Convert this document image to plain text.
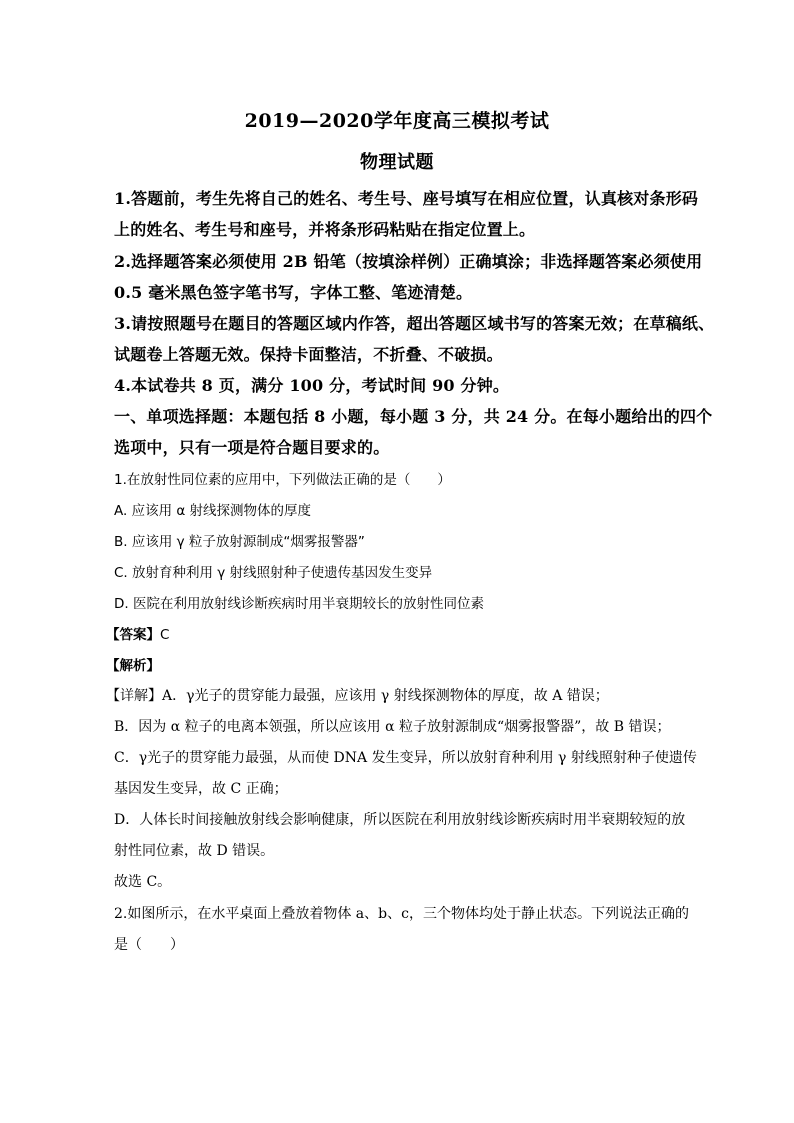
2019—2020学年度高三模拟考试
物理试题
1.答题前，考生先将自己的姓名、考生号、座号填写在相应位置，认真核对条形码
上的姓名、考生号和座号，并将条形码粘贴在指定位置上。
2.选择题答案必须使用 2B 铅笔（按填涂样例）正确填涂；非选择题答案必须使用
0.5 毫米黑色签字笔书写，字体工整、笔迹清楚。
3.请按照题号在题目的答题区域内作答，超出答题区域书写的答案无效；在草稿纸、
试题卷上答题无效。保持卡面整洁，不折叠、不破损。
4.本试卷共 8 页，满分 100 分，考试时间 90 分钟。
一、单项选择题：本题包括 8 小题，每小题 3 分，共 24 分。在每小题给出的四个
选项中，只有一项是符合题目要求的。
1.在放射性同位素的应用中，下列做法正确的是（　　）
A. 应该用 α 射线探测物体的厚度
B. 应该用 γ 粒子放射源制成“烟雾报警器”
C. 放射育种利用 γ 射线照射种子使遗传基因发生变异
D. 医院在利用放射线诊断疾病时用半衰期较长的放射性同位素
【答案】C
【解析】
【详解】A．γ光子的贯穿能力最强，应该用 γ 射线探测物体的厚度，故 A 错误；
B．因为 α 粒子的电离本领强，所以应该用 α 粒子放射源制成“烟雾报警器”，故 B 错误；
C．γ光子的贯穿能力最强，从而使 DNA 发生变异，所以放射育种利用 γ 射线照射种子使遗传
基因发生变异，故 C 正确；
D．人体长时间接触放射线会影响健康，所以医院在利用放射线诊断疾病时用半衰期较短的放
射性同位素，故 D 错误。
故选 C。
2.如图所示，在水平桌面上叠放着物体 a、b、c，三个物体均处于静止状态。下列说法正确的
是（　　）
